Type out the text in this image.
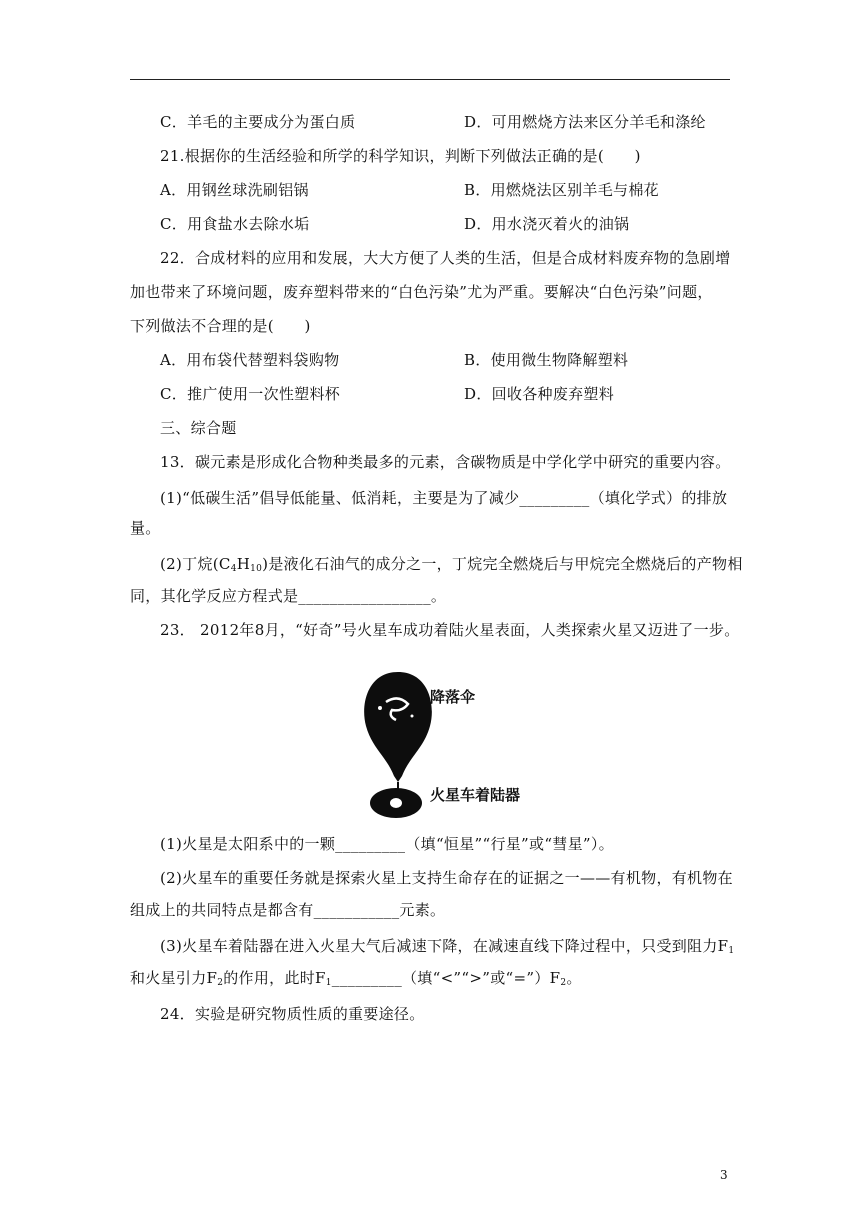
C．羊毛的主要成分为蛋白质	D．可用燃烧方法来区分羊毛和涤纶
21.根据你的生活经验和所学的科学知识，判断下列做法正确的是(　　)
A．用钢丝球洗刷铝锅	B．用燃烧法区别羊毛与棉花
C．用食盐水去除水垢	D．用水浇灭着火的油锅
22．合成材料的应用和发展，大大方便了人类的生活，但是合成材料废弃物的急剧增
加也带来了环境问题，废弃塑料带来的“白色污染”尤为严重。要解决“白色污染”问题，
下列做法不合理的是(　　)
A．用布袋代替塑料袋购物	B．使用微生物降解塑料
C．推广使用一次性塑料杯	D．回收各种废弃塑料
三、综合题
13．碳元素是形成化合物种类最多的元素，含碳物质是中学化学中研究的重要内容。
(1)“低碳生活”倡导低能量、低消耗，主要是为了减少_________（填化学式）的排放
量。
(2)丁烷$(C_4H_{10})$是液化石油气的成分之一，丁烷完全燃烧后与甲烷完全燃烧后的产物相
同，其化学反应方程式是_________________。
23． 2012年8月，“好奇”号火星车成功着陆火星表面，人类探索火星又迈进了一步。
降落伞
火星车着陆器
(1)火星是太阳系中的一颗_________（填“恒星”“行星”或“彗星”）。
(2)火星车的重要任务就是探索火星上支持生命存在的证据之一——有机物，有机物在
组成上的共同特点是都含有___________元素。
(3)火星车着陆器在进入火星大气后减速下降，在减速直线下降过程中，只受到阻力$F_1$
和火星引力$F_2$的作用，此时$F_1\_\_\_\_\_\_\_\_\_$（填“<”“>”或“$=”)F_2$。
24．实验是研究物质性质的重要途径。
3
